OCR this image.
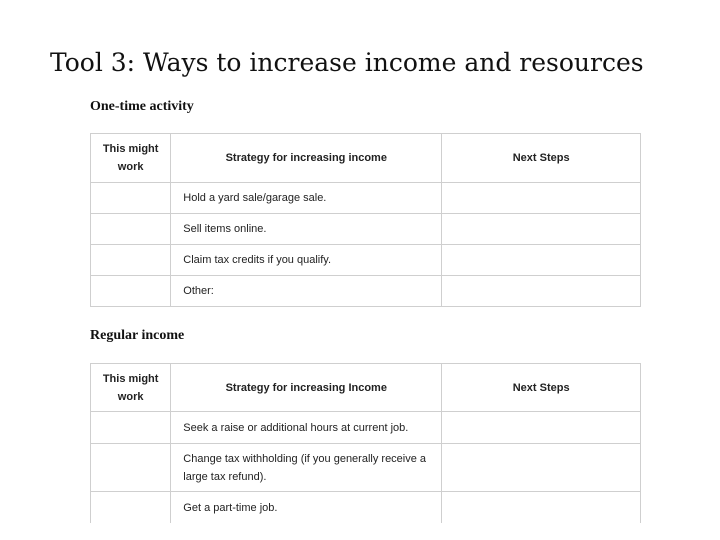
Tool 3: Ways to increase income and resources
One-time activity
This might work	Strategy for increasing income	Next Steps
	Hold a yard sale/garage sale.	
	Sell items online.	
	Claim tax credits if you qualify.	
	Other:	
Regular income
This might work	Strategy for increasing Income	Next Steps
	Seek a raise or additional hours at current job.	

	Change tax withholding (if you generally receive a large tax refund).	

	Get a part-time job.	
